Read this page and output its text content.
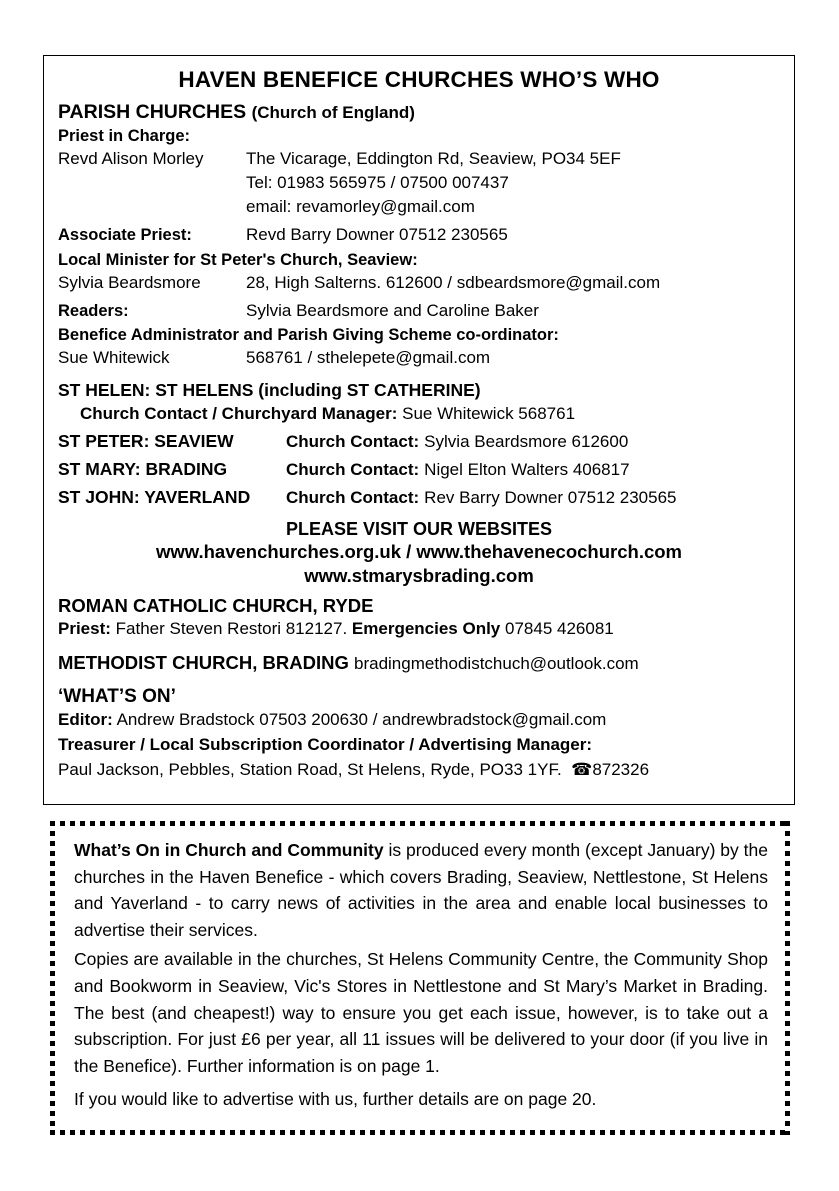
HAVEN BENEFICE CHURCHES WHO’S WHO
PARISH CHURCHES (Church of England)
Priest in Charge:
Revd Alison Morley	The Vicarage, Eddington Rd, Seaview, PO34 5EF
Tel: 01983 565975 / 07500 007437
email: revamorley@gmail.com
Associate Priest:	Revd Barry Downer 07512 230565
Local Minister for St Peter's Church, Seaview:
Sylvia Beardsmore	28, High Salterns. 612600 / sdbeardsmore@gmail.com
Readers:	Sylvia Beardsmore and Caroline Baker
Benefice Administrator and Parish Giving Scheme co-ordinator:
Sue Whitewick	568761 / sthelepete@gmail.com
ST HELEN: ST HELENS (including ST CATHERINE)
Church Contact / Churchyard Manager: Sue Whitewick 568761
ST PETER: SEAVIEW	Church Contact: Sylvia Beardsmore 612600
ST MARY: BRADING	Church Contact: Nigel Elton Walters 406817
ST JOHN: YAVERLAND	Church Contact: Rev Barry Downer 07512 230565
PLEASE VISIT OUR WEBSITES
www.havenchurches.org.uk / www.thehavenecochurch.com
www.stmarysbrading.com
ROMAN CATHOLIC CHURCH, RYDE
Priest: Father Steven Restori 812127. Emergencies Only 07845 426081
METHODIST CHURCH, BRADING bradingmethodistchuch@outlook.com
‘WHAT’S ON’
Editor: Andrew Bradstock 07503 200630 / andrewbradstock@gmail.com
Treasurer / Local Subscription Coordinator / Advertising Manager:
Paul Jackson, Pebbles, Station Road, St Helens, Ryde, PO33 1YF.  ☎872326

What’s On in Church and Community is produced every month (except January) by the churches in the Haven Benefice - which covers Brading, Seaview, Nettlestone, St Helens and Yaverland - to carry news of activities in the area and enable local businesses to advertise their services.

Copies are available in the churches, St Helens Community Centre, the Community Shop and Bookworm in Seaview, Vic's Stores in Nettlestone and St Mary’s Market in Brading. The best (and cheapest!) way to ensure you get each issue, however, is to take out a subscription. For just £6 per year, all 11 issues will be delivered to your door (if you live in the Benefice). Further information is on page 1.

If you would like to advertise with us, further details are on page 20.
